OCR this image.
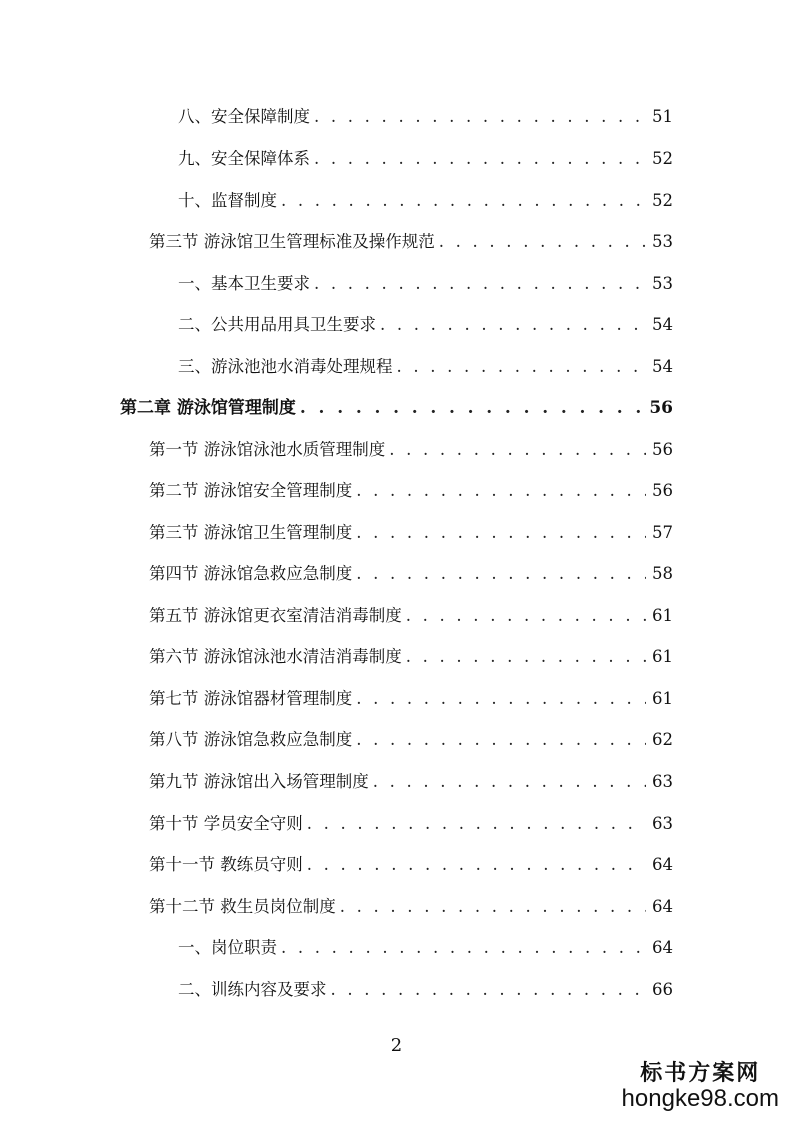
八、安全保障制度 . . .	51
九、安全保障体系 . . .	52
十、监督制度 . . .	52
第三节 游泳馆卫生管理标准及操作规范 . . .	53
一、基本卫生要求 . . .	53
二、公共用品用具卫生要求 . . .	54
三、游泳池池水消毒处理规程 . . .	54
第二章 游泳馆管理制度 . . .	56
第一节 游泳馆泳池水质管理制度 . . .	56
第二节 游泳馆安全管理制度 . . .	56
第三节 游泳馆卫生管理制度 . . .	57
第四节 游泳馆急救应急制度 . . .	58
第五节 游泳馆更衣室清洁消毒制度 . . .	61
第六节 游泳馆泳池水清洁消毒制度 . . .	61
第七节 游泳馆器材管理制度 . . .	61
第八节 游泳馆急救应急制度 . . .	62
第九节 游泳馆出入场管理制度 . . .	63
第十节 学员安全守则 . . .	63
第十一节 教练员守则 . . .	64
第十二节 救生员岗位制度 . . .	64
一、岗位职责 . . .	64
二、训练内容及要求 . . .	66
2
标书方案网
hongke98.com
